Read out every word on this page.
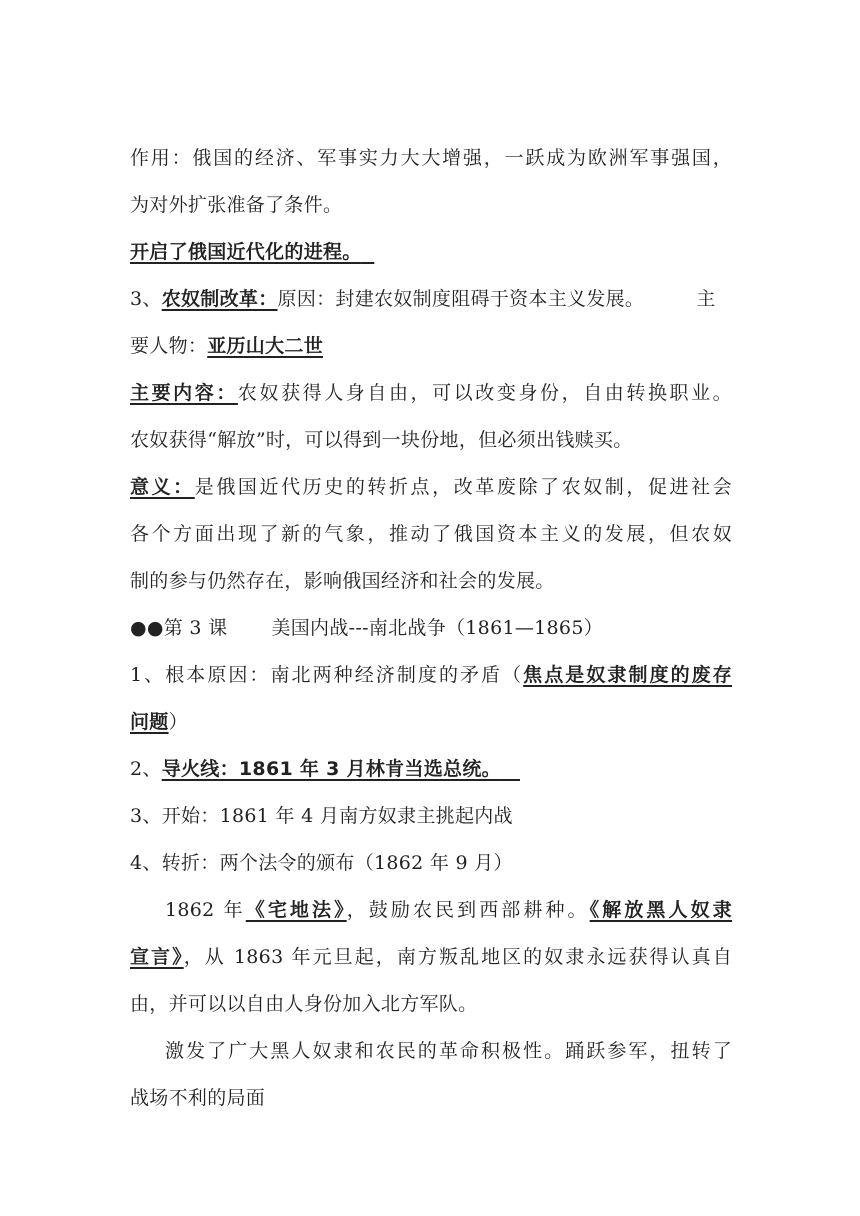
作用：俄国的经济、军事实力大大增强，一跃成为欧洲军事强国，
为对外扩张准备了条件。
开启了俄国近代化的进程。
3、农奴制改革：原因：封建农奴制度阻碍于资本主义发展。	主
要人物：亚历山大二世
主要内容：农奴获得人身自由，可以改变身份，自由转换职业。
农奴获得“解放”时，可以得到一块份地，但必须出钱赎买。
意义：是俄国近代历史的转折点，改革废除了农奴制，促进社会
各个方面出现了新的气象，推动了俄国资本主义的发展，但农奴
制的参与仍然存在，影响俄国经济和社会的发展。
●●第 3 课 美国内战---南北战争（1861—1865）
1、根本原因：南北两种经济制度的矛盾（焦点是奴隶制度的废存
问题）
2、导火线：1861 年 3 月林肯当选总统。
3、开始：1861 年 4 月南方奴隶主挑起内战
4、转折：两个法令的颁布（1862 年 9 月）
1862 年《宅地法》，鼓励农民到西部耕种。《解放黑人奴隶
宣言》，从 1863 年元旦起，南方叛乱地区的奴隶永远获得认真自
由，并可以以自由人身份加入北方军队。
激发了广大黑人奴隶和农民的革命积极性。踊跃参军，扭转了
战场不利的局面
